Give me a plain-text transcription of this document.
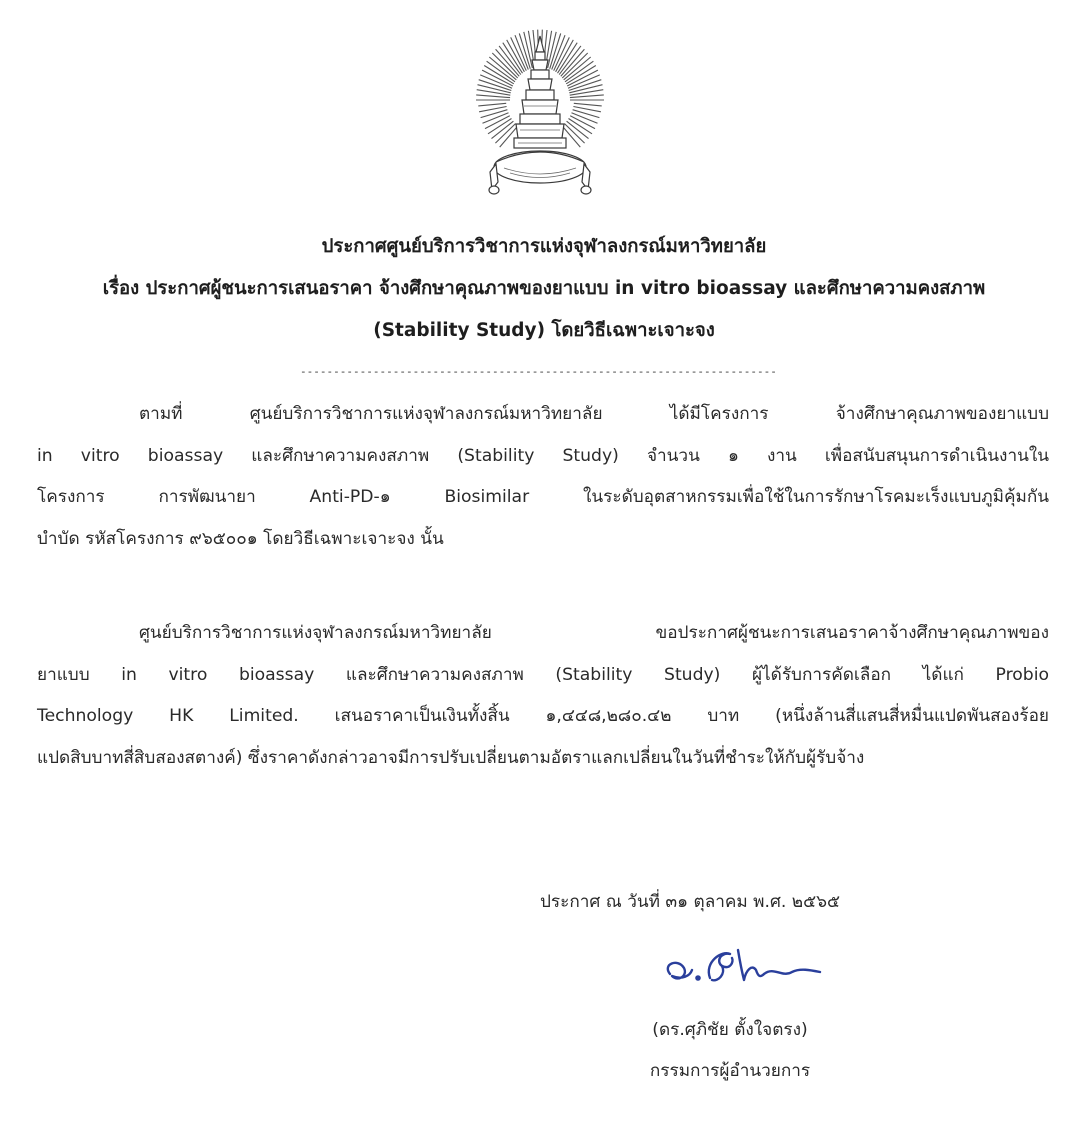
ประกาศศูนย์บริการวิชาการแห่งจุฬาลงกรณ์มหาวิทยาลัย
เรื่อง ประกาศผู้ชนะการเสนอราคา จ้างศึกษาคุณภาพของยาแบบ in vitro bioassay และศึกษาความคงสภาพ
(Stability Study) โดยวิธีเฉพาะเจาะจง
------------------------------------------------------------------------
ตามที่ ศูนย์บริการวิชาการแห่งจุฬาลงกรณ์มหาวิทยาลัย ได้มีโครงการ จ้างศึกษาคุณภาพของยาแบบ
in vitro bioassay และศึกษาความคงสภาพ (Stability Study) จำนวน ๑ งาน เพื่อสนับสนุนการดำเนินงานใน
โครงการ การพัฒนายา Anti-PD-๑ Biosimilar ในระดับอุตสาหกรรมเพื่อใช้ในการรักษาโรคมะเร็งแบบภูมิคุ้มกัน
บำบัด รหัสโครงการ ๙๖๕๐๐๑ โดยวิธีเฉพาะเจาะจง นั้น
ศูนย์บริการวิชาการแห่งจุฬาลงกรณ์มหาวิทยาลัย ขอประกาศผู้ชนะการเสนอราคาจ้างศึกษาคุณภาพของ
ยาแบบ in vitro bioassay และศึกษาความคงสภาพ (Stability Study) ผู้ได้รับการคัดเลือก ได้แก่ Probio
Technology HK Limited. เสนอราคาเป็นเงินทั้งสิ้น ๑,๔๔๘,๒๘๐.๔๒ บาท (หนึ่งล้านสี่แสนสี่หมื่นแปดพันสองร้อย
แปดสิบบาทสี่สิบสองสตางค์) ซึ่งราคาดังกล่าวอาจมีการปรับเปลี่ยนตามอัตราแลกเปลี่ยนในวันที่ชำระให้กับผู้รับจ้าง
ประกาศ ณ วันที่ ๓๑ ตุลาคม พ.ศ. ๒๕๖๕
(ดร.ศุภิชัย ตั้งใจตรง)
กรรมการผู้อำนวยการ
